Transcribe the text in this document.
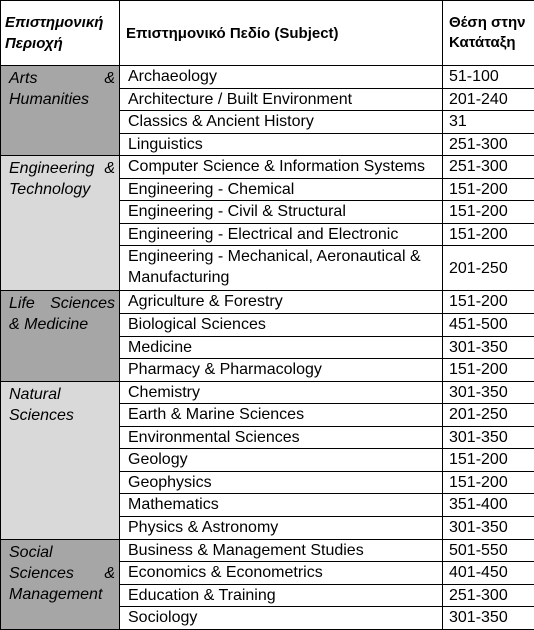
Επιστημονική Περιοχή	Επιστημονικό Πεδίο (Subject)	Θέση στην Κατάταξη
Arts & Humanities	Archaeology	51-100
	Architecture / Built Environment	201-240
	Classics & Ancient History	31
	Linguistics	251-300
Engineering & Technology	Computer Science & Information Systems	251-300
	Engineering - Chemical	151-200
	Engineering - Civil & Structural	151-200
	Engineering - Electrical and Electronic	151-200
	Engineering - Mechanical, Aeronautical & Manufacturing	201-250
Life Sciences & Medicine	Agriculture & Forestry	151-200
	Biological Sciences	451-500
	Medicine	301-350
	Pharmacy & Pharmacology	151-200
Natural Sciences	Chemistry	301-350
	Earth & Marine Sciences	201-250
	Environmental Sciences	301-350
	Geology	151-200
	Geophysics	151-200
	Mathematics	351-400
	Physics & Astronomy	301-350
Social Sciences & Management	Business & Management Studies	501-550
	Economics & Econometrics	401-450
	Education & Training	251-300
	Sociology	301-350
